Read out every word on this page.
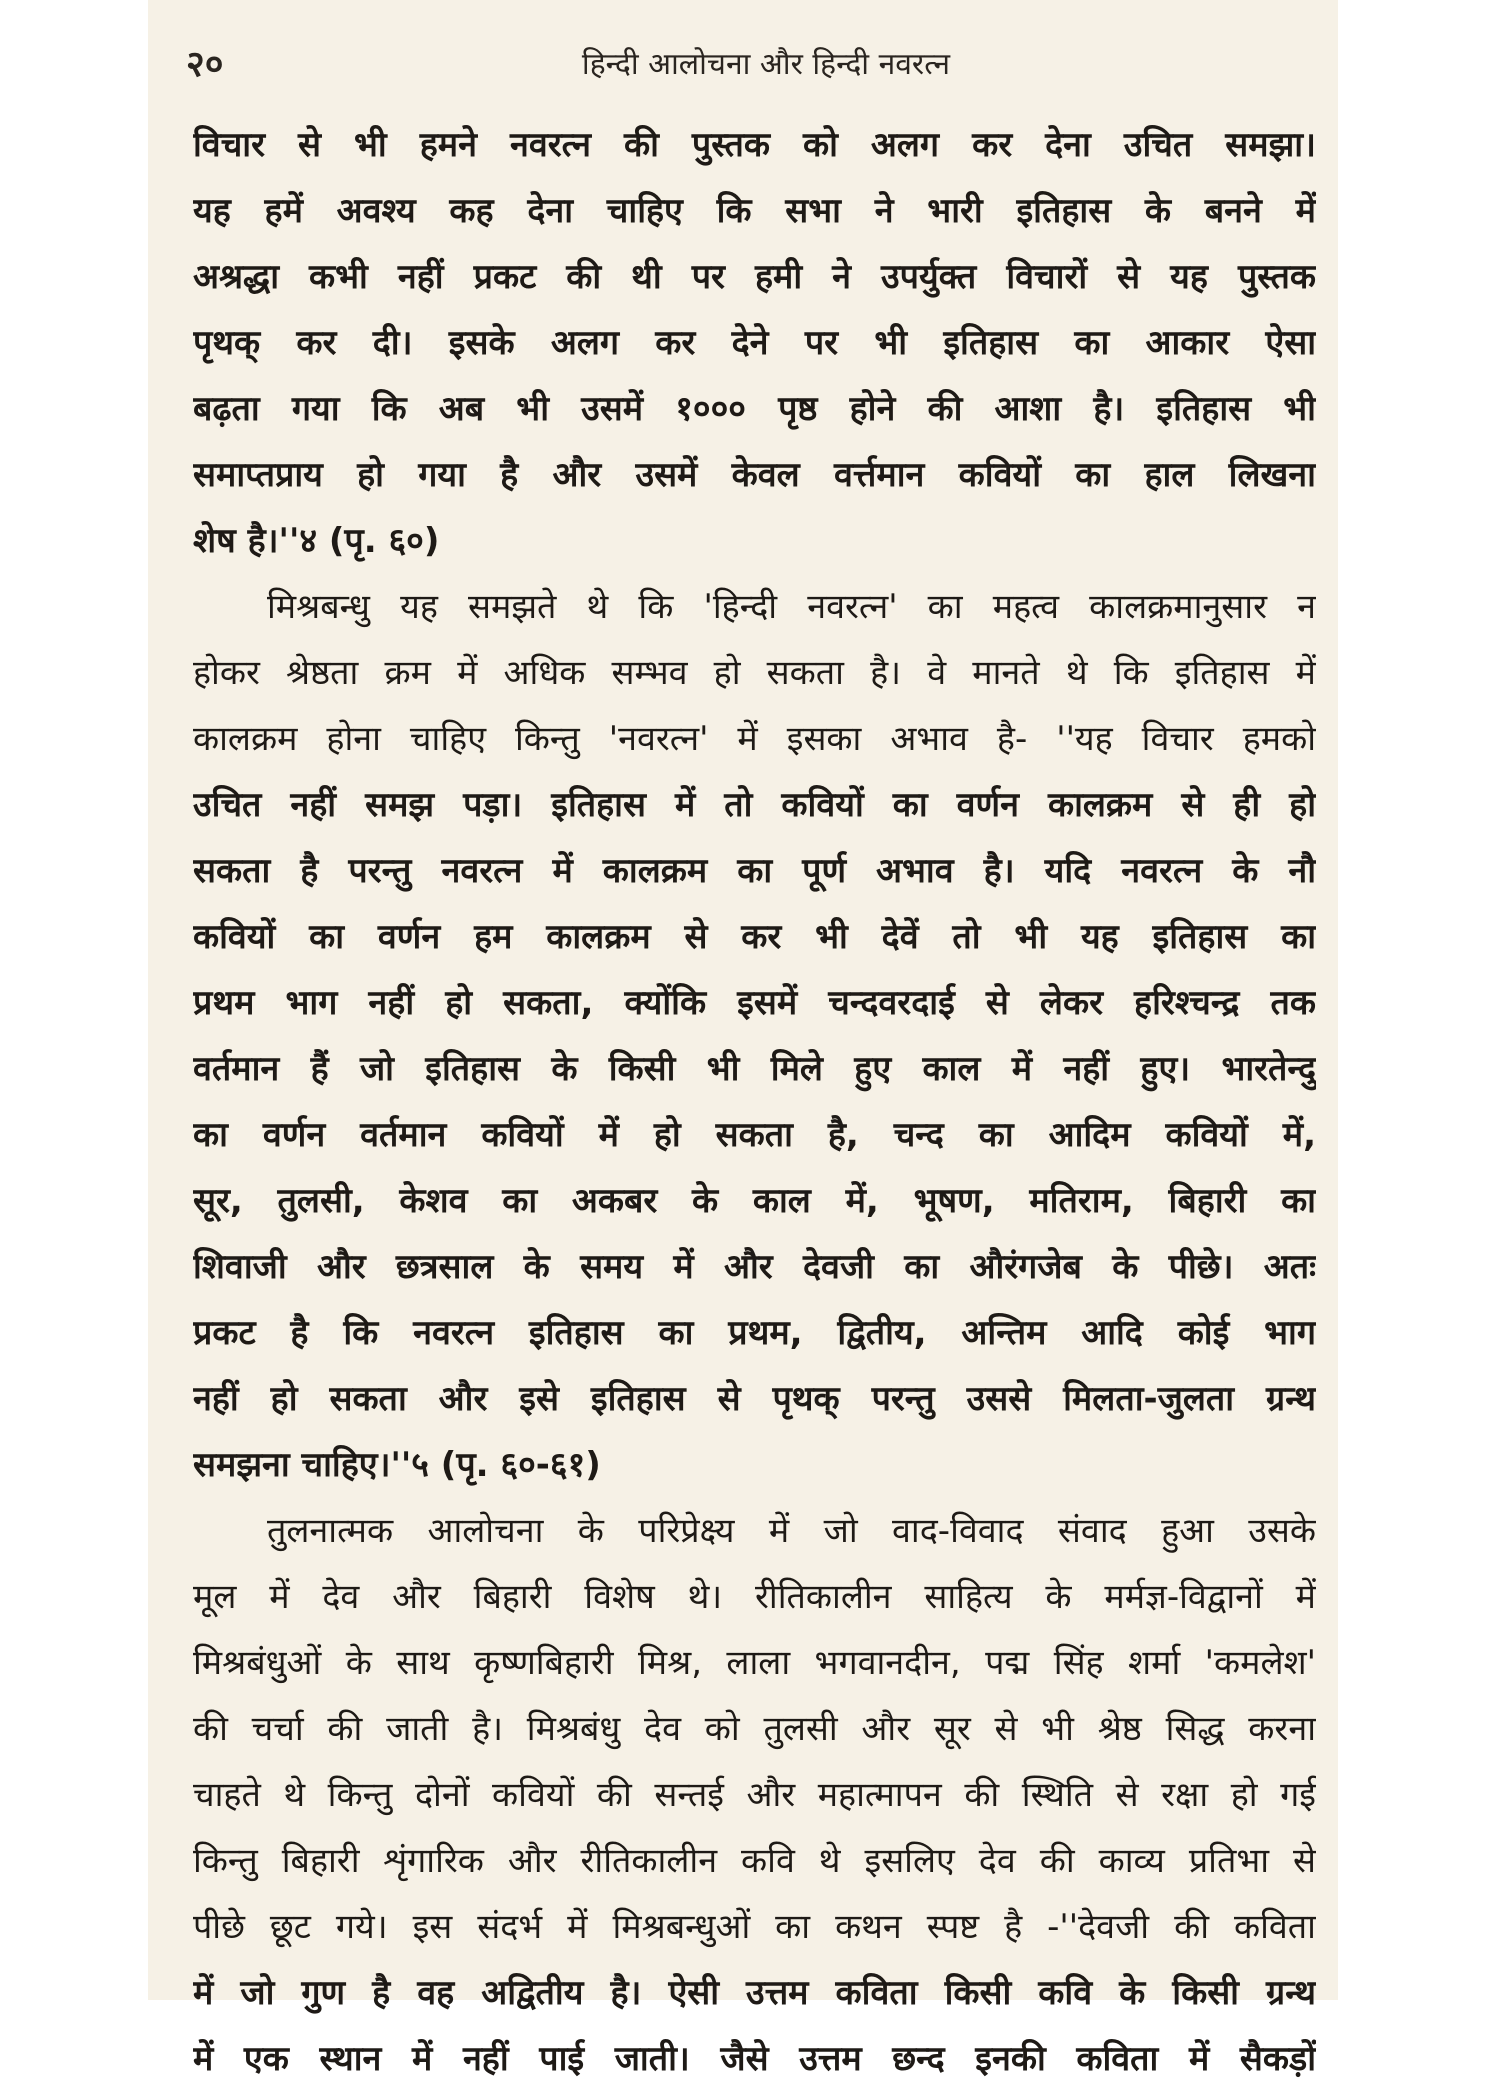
२०	हिन्दी आलोचना और हिन्दी नवरत्न
विचार से भी हमने नवरत्न की पुस्तक को अलग कर देना उचित समझा।
यह हमें अवश्य कह देना चाहिए कि सभा ने भारी इतिहास के बनने में
अश्रद्धा कभी नहीं प्रकट की थी पर हमी ने उपर्युक्त विचारों से यह पुस्तक
पृथक् कर दी। इसके अलग कर देने पर भी इतिहास का आकार ऐसा
बढ़ता गया कि अब भी उसमें १००० पृष्ठ होने की आशा है। इतिहास भी
समाप्तप्राय हो गया है और उसमें केवल वर्त्तमान कवियों का हाल लिखना
शेष है।''४ (पृ. ६०)
मिश्रबन्धु यह समझते थे कि 'हिन्दी नवरत्न' का महत्व कालक्रमानुसार न
होकर श्रेष्ठता क्रम में अधिक सम्भव हो सकता है। वे मानते थे कि इतिहास में
कालक्रम होना चाहिए किन्तु 'नवरत्न' में इसका अभाव है- ''यह विचार हमको
उचित नहीं समझ पड़ा। इतिहास में तो कवियों का वर्णन कालक्रम से ही हो
सकता है परन्तु नवरत्न में कालक्रम का पूर्ण अभाव है। यदि नवरत्न के नौ
कवियों का वर्णन हम कालक्रम से कर भी देवें तो भी यह इतिहास का
प्रथम भाग नहीं हो सकता, क्योंकि इसमें चन्दवरदाई से लेकर हरिश्चन्द्र तक
वर्तमान हैं जो इतिहास के किसी भी मिले हुए काल में नहीं हुए। भारतेन्दु
का वर्णन वर्तमान कवियों में हो सकता है, चन्द का आदिम कवियों में,
सूर, तुलसी, केशव का अकबर के काल में, भूषण, मतिराम, बिहारी का
शिवाजी और छत्रसाल के समय में और देवजी का औरंगजेब के पीछे। अतः
प्रकट है कि नवरत्न इतिहास का प्रथम, द्वितीय, अन्तिम आदि कोई भाग
नहीं हो सकता और इसे इतिहास से पृथक् परन्तु उससे मिलता-जुलता ग्रन्थ
समझना चाहिए।''५ (पृ. ६०-६१)
तुलनात्मक आलोचना के परिप्रेक्ष्य में जो वाद-विवाद संवाद हुआ उसके
मूल में देव और बिहारी विशेष थे। रीतिकालीन साहित्य के मर्मज्ञ-विद्वानों में
मिश्रबंधुओं के साथ कृष्णबिहारी मिश्र, लाला भगवानदीन, पद्म सिंह शर्मा 'कमलेश'
की चर्चा की जाती है। मिश्रबंधु देव को तुलसी और सूर से भी श्रेष्ठ सिद्ध करना
चाहते थे किन्तु दोनों कवियों की सन्तई और महात्मापन की स्थिति से रक्षा हो गई
किन्तु बिहारी शृंगारिक और रीतिकालीन कवि थे इसलिए देव की काव्य प्रतिभा से
पीछे छूट गये। इस संदर्भ में मिश्रबन्धुओं का कथन स्पष्ट है -''देवजी की कविता
में जो गुण है वह अद्वितीय है। ऐसी उत्तम कविता किसी कवि के किसी ग्रन्थ
में एक स्थान में नहीं पाई जाती। जैसे उत्तम छन्द इनकी कविता में सैकड़ों
